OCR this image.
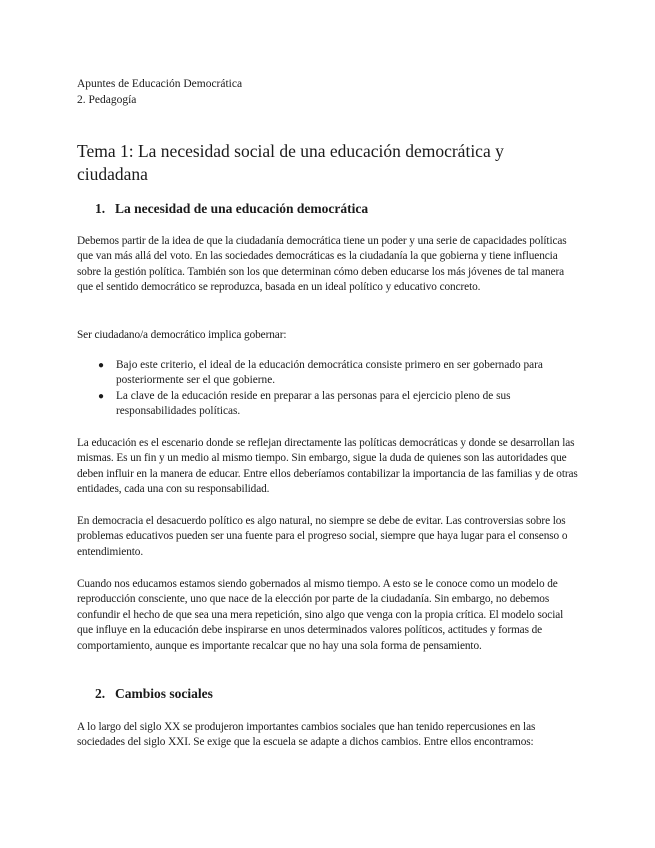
Apuntes de Educación Democrática
2. Pedagogía
Tema 1: La necesidad social de una educación democrática y ciudadana
1. La necesidad de una educación democrática

Debemos partir de la idea de que la ciudadanía democrática tiene un poder y una serie de capacidades políticas que van más allá del voto. En las sociedades democráticas es la ciudadanía la que gobierna y tiene influencia sobre la gestión política. También son los que determinan cómo deben educarse los más jóvenes de tal manera que el sentido democrático se reproduzca, basada en un ideal político y educativo concreto.

Ser ciudadano/a democrático implica gobernar:

● Bajo este criterio, el ideal de la educación democrática consiste primero en ser gobernado para posteriormente ser el que gobierne.
● La clave de la educación reside en preparar a las personas para el ejercicio pleno de sus responsabilidades políticas.

La educación es el escenario donde se reflejan directamente las políticas democráticas y donde se desarrollan las mismas. Es un fin y un medio al mismo tiempo. Sin embargo, sigue la duda de quienes son las autoridades que deben influir en la manera de educar. Entre ellos deberíamos contabilizar la importancia de las familias y de otras entidades, cada una con su responsabilidad.

En democracia el desacuerdo político es algo natural, no siempre se debe de evitar. Las controversias sobre los problemas educativos pueden ser una fuente para el progreso social, siempre que haya lugar para el consenso o entendimiento.

Cuando nos educamos estamos siendo gobernados al mismo tiempo. A esto se le conoce como un modelo de reproducción consciente, uno que nace de la elección por parte de la ciudadanía. Sin embargo, no debemos confundir el hecho de que sea una mera repetición, sino algo que venga con la propia crítica. El modelo social que influye en la educación debe inspirarse en unos determinados valores políticos, actitudes y formas de comportamiento, aunque es importante recalcar que no hay una sola forma de pensamiento.

2. Cambios sociales

A lo largo del siglo XX se produjeron importantes cambios sociales que han tenido repercusiones en las sociedades del siglo XXI. Se exige que la escuela se adapte a dichos cambios. Entre ellos encontramos:
